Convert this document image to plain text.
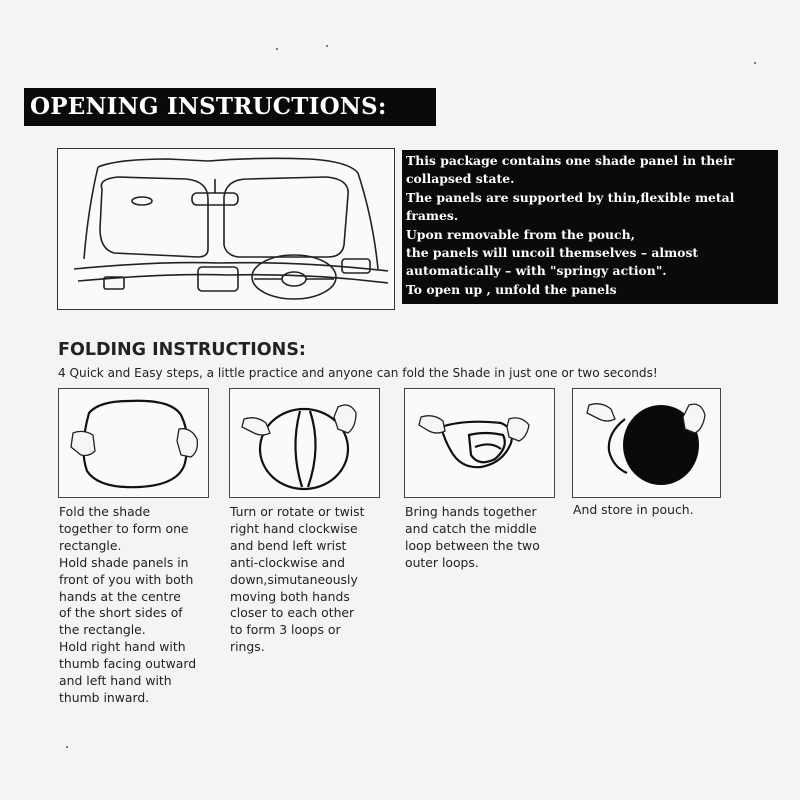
OPENING INSTRUCTIONS:

This package contains one shade panel in their collapsed state.

The panels are supported by thin,flexible metal frames.

Upon removable from the pouch,

the panels will uncoil themselves – almost automatically – with "springy action".

To open up , unfold the panels

FOLDING INSTRUCTIONS:
4 Quick and Easy steps, a little practice and anyone can fold the Shade in just one or two seconds!
Fold the shade
together to form one
rectangle.
Hold shade panels in
front of you with both
hands at the centre
of the short sides of
the rectangle.
Hold right hand with
thumb facing outward
and left hand with
thumb inward.
Turn or rotate or twist
right hand clockwise
and bend left wrist
anti-clockwise and
down,simutaneously
moving both hands
closer to each other
to form 3 loops or
rings.
Bring hands together
and catch the middle
loop between the two
outer loops.
And store in pouch.
